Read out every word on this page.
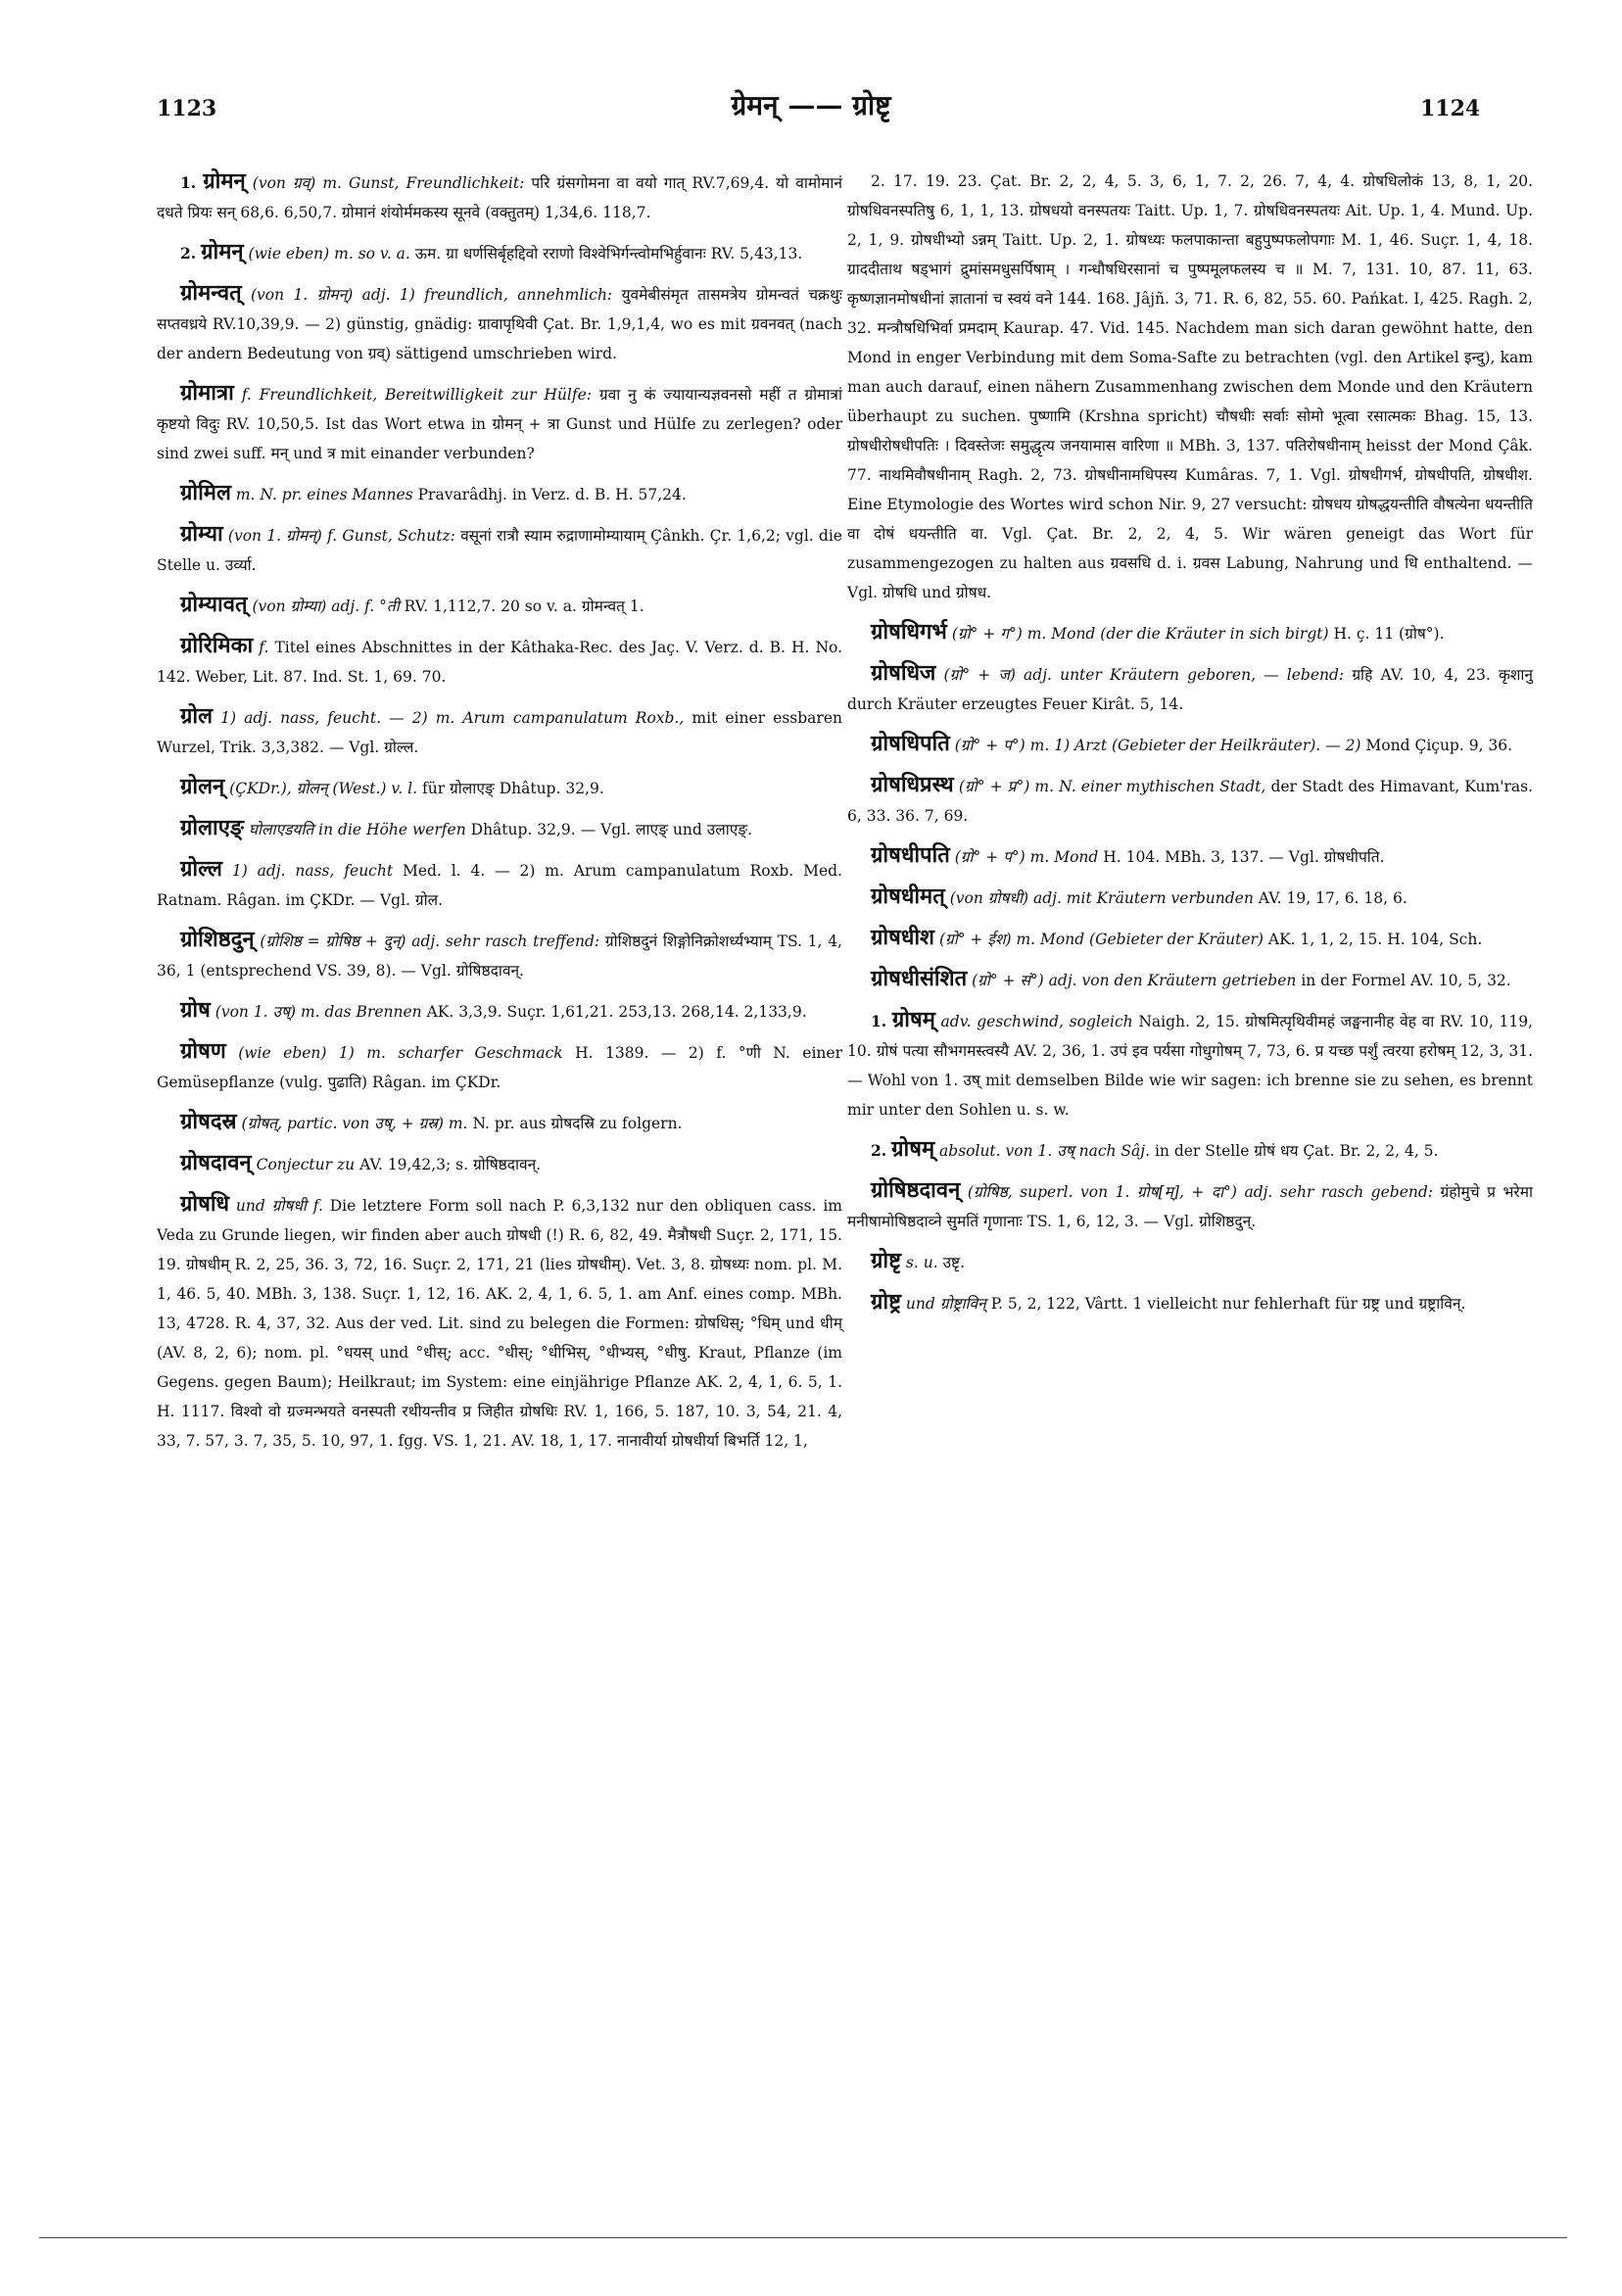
1123	ग्रेमन् —— ग्रोष्टृ	1124

1. ग्रोमन् (von ग्रव्) m. Gunst, Freundlichkeit: परि ग्रंसगोमना वा वयो गात् RV.7,69,4. यो वामोमानं दधते प्रियः सन् 68,6. 6,50,7. ग्रोमानं शंयोर्ममकस्य सूनवे (वक्तुतम्) 1,34,6. 118,7.

2. ग्रोमन् (wie eben) m. so v. a. ऊम. ग्रा धर्णसिर्बृहद्दिवो रराणो विश्वेभिर्गन्त्वोमभिर्हुवानः RV. 5,43,13.

ग्रोमन्वत् (von 1. ग्रोमन्) adj. 1) freundlich, annehmlich: युवमेबीसंमृत तासमत्रेय ग्रोमन्वतं चक्रथुः सप्तवध्रये RV.10,39,9. — 2) günstig, gnädig: ग्रावापृथिवी Çat. Br. 1,9,1,4, wo es mit ग्रवनवत् (nach der andern Bedeutung von ग्रव्) sättigend umschrieben wird.

ग्रोमात्रा f. Freundlichkeit, Bereitwilligkeit zur Hülfe: ग्रवा नु कं ज्यायान्यज्ञवनसो महीं त ग्रोमात्रां कृष्टयो विदुः RV. 10,50,5. Ist das Wort etwa in ग्रोमन् + त्रा Gunst und Hülfe zu zerlegen? oder sind zwei suff. मन् und त्र mit einander verbunden?

ग्रोमिल m. N. pr. eines Mannes Pravarâdhj. in Verz. d. B. H. 57,24.

ग्रोम्या (von 1. ग्रोमन्) f. Gunst, Schutz: वसूनां रात्रौ स्याम रुद्राणामोम्यायाम् Çânkh. Çr. 1,6,2; vgl. die Stelle u. उर्व्या.

ग्रोम्यावत् (von ग्रोम्या) adj. f. °ती RV. 1,112,7. 20 so v. a. ग्रोमन्वत् 1.

ग्रोरिमिका f. Titel eines Abschnittes in der Kâthaka-Rec. des Jaç. V. Verz. d. B. H. No. 142. Weber, Lit. 87. Ind. St. 1, 69. 70.

ग्रोल 1) adj. nass, feucht. — 2) m. Arum campanulatum Roxb., mit einer essbaren Wurzel, Trik. 3,3,382. — Vgl. ग्रोल्ल.

ग्रोलन् (ÇKDr.), ग्रोलन् (West.) v. l. für ग्रोलाएङ् Dhâtup. 32,9.

ग्रोलाएङ् घोलाएडयति in die Höhe werfen Dhâtup. 32,9. — Vgl. लाएङ् und उलाएङ्.

ग्रोल्ल 1) adj. nass, feucht Med. l. 4. — 2) m. Arum campanulatum Roxb. Med. Ratnam. Râgan. im ÇKDr. — Vgl. ग्रोल.

ग्रोशिष्ठदुन् (ग्रोशिष्ठ = ग्रोषिष्ठ + दुन्) adj. sehr rasch treffend: ग्रोशिष्ठदुनं शिङ्गोनिक्रोशर्ध्यभ्याम् TS. 1, 4, 36, 1 (entsprechend VS. 39, 8). — Vgl. ग्रोषिष्ठदावन्.

ग्रोष (von 1. उष्) m. das Brennen AK. 3,3,9. Suçr. 1,61,21. 253,13. 268,14. 2,133,9.

ग्रोषण (wie eben) 1) m. scharfer Geschmack H. 1389. — 2) f. °णी N. einer Gemüsepflanze (vulg. पुढाति) Râgan. im ÇKDr.

ग्रोषदस्र (ग्रोषत्, partic. von उष्, + ग्रस्र) m. N. pr. aus ग्रोषदस्रि zu folgern.

ग्रोषदावन् Conjectur zu AV. 19,42,3; s. ग्रोषिष्ठदावन्.

ग्रोषधि und ग्रोषधी f. Die letztere Form soll nach P. 6,3,132 nur den obliquen cass. im Veda zu Grunde liegen, wir finden aber auch ग्रोषधी (!) R. 6, 82, 49. मैत्रौषधी Suçr. 2, 171, 15. 19. ग्रोषधीम् R. 2, 25, 36. 3, 72, 16. Suçr. 2, 171, 21 (lies ग्रोषधीम्). Vet. 3, 8. ग्रोषध्यः nom. pl. M. 1, 46. 5, 40. MBh. 3, 138. Suçr. 1, 12, 16. AK. 2, 4, 1, 6. 5, 1. am Anf. eines comp. MBh. 13, 4728. R. 4, 37, 32. Aus der ved. Lit. sind zu belegen die Formen: ग्रोषधिस्; °धिम् und धीम् (AV. 8, 2, 6); nom. pl. °धयस् und °धीस्; acc. °धीस्; °धीभिस्, °धीभ्यस्, °धीषु. Kraut, Pflanze (im Gegens. gegen Baum); Heilkraut; im System: eine einjährige Pflanze AK. 2, 4, 1, 6. 5, 1. H. 1117. विश्वो वो ग्रज्मन्भयते वनस्पती रथीयन्तीव प्र जिहीत ग्रोषधिः RV. 1, 166, 5. 187, 10. 3, 54, 21. 4, 33, 7. 57, 3. 7, 35, 5. 10, 97, 1. fgg. VS. 1, 21. AV. 18, 1, 17. नानावीर्या ग्रोषधीर्या बिभर्ति 12, 1,

2. 17. 19. 23. Çat. Br. 2, 2, 4, 5. 3, 6, 1, 7. 2, 26. 7, 4, 4. ग्रोषधिलोकं 13, 8, 1, 20. ग्रोषधिवनस्पतिषु 6, 1, 1, 13. ग्रोषधयो वनस्पतयः Taitt. Up. 1, 7. ग्रोषधिवनस्पतयः Ait. Up. 1, 4. Mund. Up. 2, 1, 9. ग्रोषधीभ्यो ऽन्नम् Taitt. Up. 2, 1. ग्रोषध्यः फलपाकान्ता बहुपुष्पफलोपगाः M. 1, 46. Suçr. 1, 4, 18. ग्राददीताथ षड्भागं द्रुमांसमधुसर्पिषाम् । गन्धौषधिरसानां च पुष्पमूलफलस्य च ॥ M. 7, 131. 10, 87. 11, 63. कृष्णज्ञानमोषधीनां ज्ञातानां च स्वयं वने 144. 168. Jâjñ. 3, 71. R. 6, 82, 55. 60. Pańkat. I, 425. Ragh. 2, 32. मन्त्रौषधिभिर्वा प्रमदाम् Kaurap. 47. Vid. 145. Nachdem man sich daran gewöhnt hatte, den Mond in enger Verbindung mit dem Soma-Safte zu betrachten (vgl. den Artikel इन्दु), kam man auch darauf, einen nähern Zusammenhang zwischen dem Monde und den Kräutern überhaupt zu suchen. पुष्णामि (Krshna spricht) चौषधीः सर्वाः सोमो भूत्वा रसात्मकः Bhag. 15, 13. ग्रोषधीरोषधीपतिः । दिवस्तेजः समुद्धृत्य जनयामास वारिणा ॥ MBh. 3, 137. पतिरोषधीनाम् heisst der Mond Çâk. 77. नाथमिवौषधीनाम् Ragh. 2, 73. ग्रोषधीनामधिपस्य Kumâras. 7, 1. Vgl. ग्रोषधीगर्भ, ग्रोषधीपति, ग्रोषधीश. Eine Etymologie des Wortes wird schon Nir. 9, 27 versucht: ग्रोषधय ग्रोषद्धयन्तीति वौषत्येना धयन्तीति वा दोषं धयन्तीति वा. Vgl. Çat. Br. 2, 2, 4, 5. Wir wären geneigt das Wort für zusammengezogen zu halten aus ग्रवसधि d. i. ग्रवस Labung, Nahrung und धि enthaltend. — Vgl. ग्रोषधि und ग्रोषध.

ग्रोषधिगर्भ (ग्रो° + ग°) m. Mond (der die Kräuter in sich birgt) H. ç. 11 (ग्रोष°).

ग्रोषधिज (ग्रो° + ज) adj. unter Kräutern geboren, — lebend: ग्रहि AV. 10, 4, 23. कृशानु durch Kräuter erzeugtes Feuer Kirât. 5, 14.

ग्रोषधिपति (ग्रो° + प°) m. 1) Arzt (Gebieter der Heilkräuter). — 2) Mond Çiçup. 9, 36.

ग्रोषधिप्रस्थ (ग्रो° + प्र°) m. N. einer mythischen Stadt, der Stadt des Himavant, Kum'ras. 6, 33. 36. 7, 69.

ग्रोषधीपति (ग्रो° + प°) m. Mond H. 104. MBh. 3, 137. — Vgl. ग्रोषधीपति.

ग्रोषधीमत् (von ग्रोषधी) adj. mit Kräutern verbunden AV. 19, 17, 6. 18, 6.

ग्रोषधीश (ग्रो° + ईश) m. Mond (Gebieter der Kräuter) AK. 1, 1, 2, 15. H. 104, Sch.

ग्रोषधीसंशित (ग्रो° + सं°) adj. von den Kräutern getrieben in der Formel AV. 10, 5, 32.

1. ग्रोषम् adv. geschwind, sogleich Naigh. 2, 15. ग्रोषमित्पृथिवीमहं जङ्घनानीह वेह वा RV. 10, 119, 10. ग्रोषं पत्या सौभगमस्त्वस्यै AV. 2, 36, 1. उपं इव पर्यसा गोधुगोषम् 7, 73, 6. प्र यच्छ पर्शुं त्वरया हरोषम् 12, 3, 31. — Wohl von 1. उष् mit demselben Bilde wie wir sagen: ich brenne sie zu sehen, es brennt mir unter den Sohlen u. s. w.

2. ग्रोषम् absolut. von 1. उष् nach Sâj. in der Stelle ग्रोषं धय Çat. Br. 2, 2, 4, 5.

ग्रोषिष्ठदावन् (ग्रोषिष्ठ, superl. von 1. ग्रोष[म्], + दा°) adj. sehr rasch gebend: ग्रंहोमुचे प्र भरेमा मनीषामोषिष्ठदाव्ने सुमतिं गृणानाः TS. 1, 6, 12, 3. — Vgl. ग्रोशिष्ठदुन्.

ग्रोष्टृ s. u. उष्टृ.

ग्रोष्ट्र und ग्रोष्ट्राविन् P. 5, 2, 122, Vârtt. 1 vielleicht nur fehlerhaft für ग्रष्ट्र und ग्रष्ट्राविन्.
